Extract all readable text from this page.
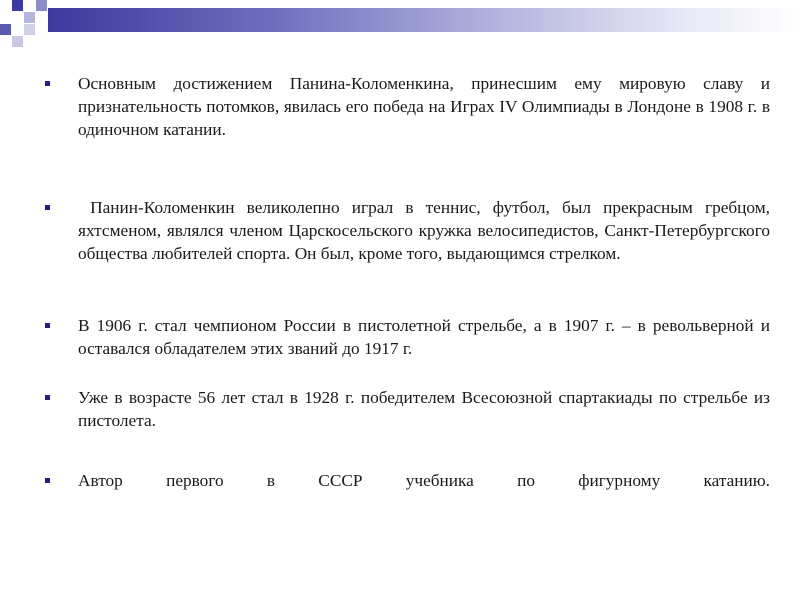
Основным достижением Панина-Коломенкина, принесшим ему мировую славу и признательность потомков, явилась его победа на Играх IV Олимпиады в Лондоне в 1908 г. в одиночном катании.
Панин-Коломенкин великолепно играл в теннис, футбол, был прекрасным гребцом, яхтсменом, являлся членом Царскосельского кружка велосипедистов, Санкт-Петербургского общества любителей спорта. Он был, кроме того, выдающимся стрелком.
В 1906 г. стал чемпионом России в пистолетной стрельбе, а в 1907 г. – в револьверной и оставался обладателем этих званий до 1917 г.
Уже в возрасте 56 лет стал в 1928 г. победителем Всесоюзной спартакиады по стрельбе из пистолета.
Автор первого в СССР учебника по фигурному катанию.
